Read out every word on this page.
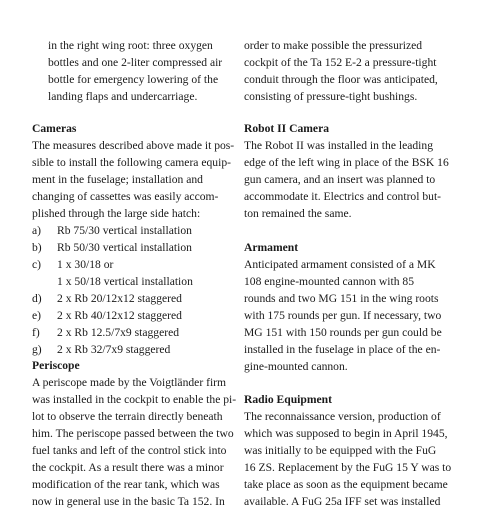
in the right wing root: three oxygen
bottles and one 2-liter compressed air
bottle for emergency lowering of the
landing flaps and undercarriage.
Cameras
The measures described above made it pos-
sible to install the following camera equip-
ment in the fuselage; installation and
changing of cassettes was easily accom-
plished through the large side hatch:
a) Rb 75/30 vertical installation
b) Rb 50/30 vertical installation
c) 1 x 30/18 or
1 x 50/18 vertical installation
d) 2 x Rb 20/12x12 staggered
e) 2 x Rb 40/12x12 staggered
f) 2 x Rb 12.5/7x9 staggered
g) 2 x Rb 32/7x9 staggered
Periscope
A periscope made by the Voigtländer firm
was installed in the cockpit to enable the pi-
lot to observe the terrain directly beneath
him. The periscope passed between the two
fuel tanks and left of the control stick into
the cockpit. As a result there was a minor
modification of the rear tank, which was
now in general use in the basic Ta 152. In
order to make possible the pressurized
cockpit of the Ta 152 E-2 a pressure-tight
conduit through the floor was anticipated,
consisting of pressure-tight bushings.
Robot II Camera
The Robot II was installed in the leading
edge of the left wing in place of the BSK 16
gun camera, and an insert was planned to
accommodate it. Electrics and control but-
ton remained the same.
Armament
Anticipated armament consisted of a MK
108 engine-mounted cannon with 85
rounds and two MG 151 in the wing roots
with 175 rounds per gun. If necessary, two
MG 151 with 150 rounds per gun could be
installed in the fuselage in place of the en-
gine-mounted cannon.
Radio Equipment
The reconnaissance version, production of
which was supposed to begin in April 1945,
was initially to be equipped with the FuG
16 ZS. Replacement by the FuG 15 Y was to
take place as soon as the equipment became
available. A FuG 25a IFF set was installed
